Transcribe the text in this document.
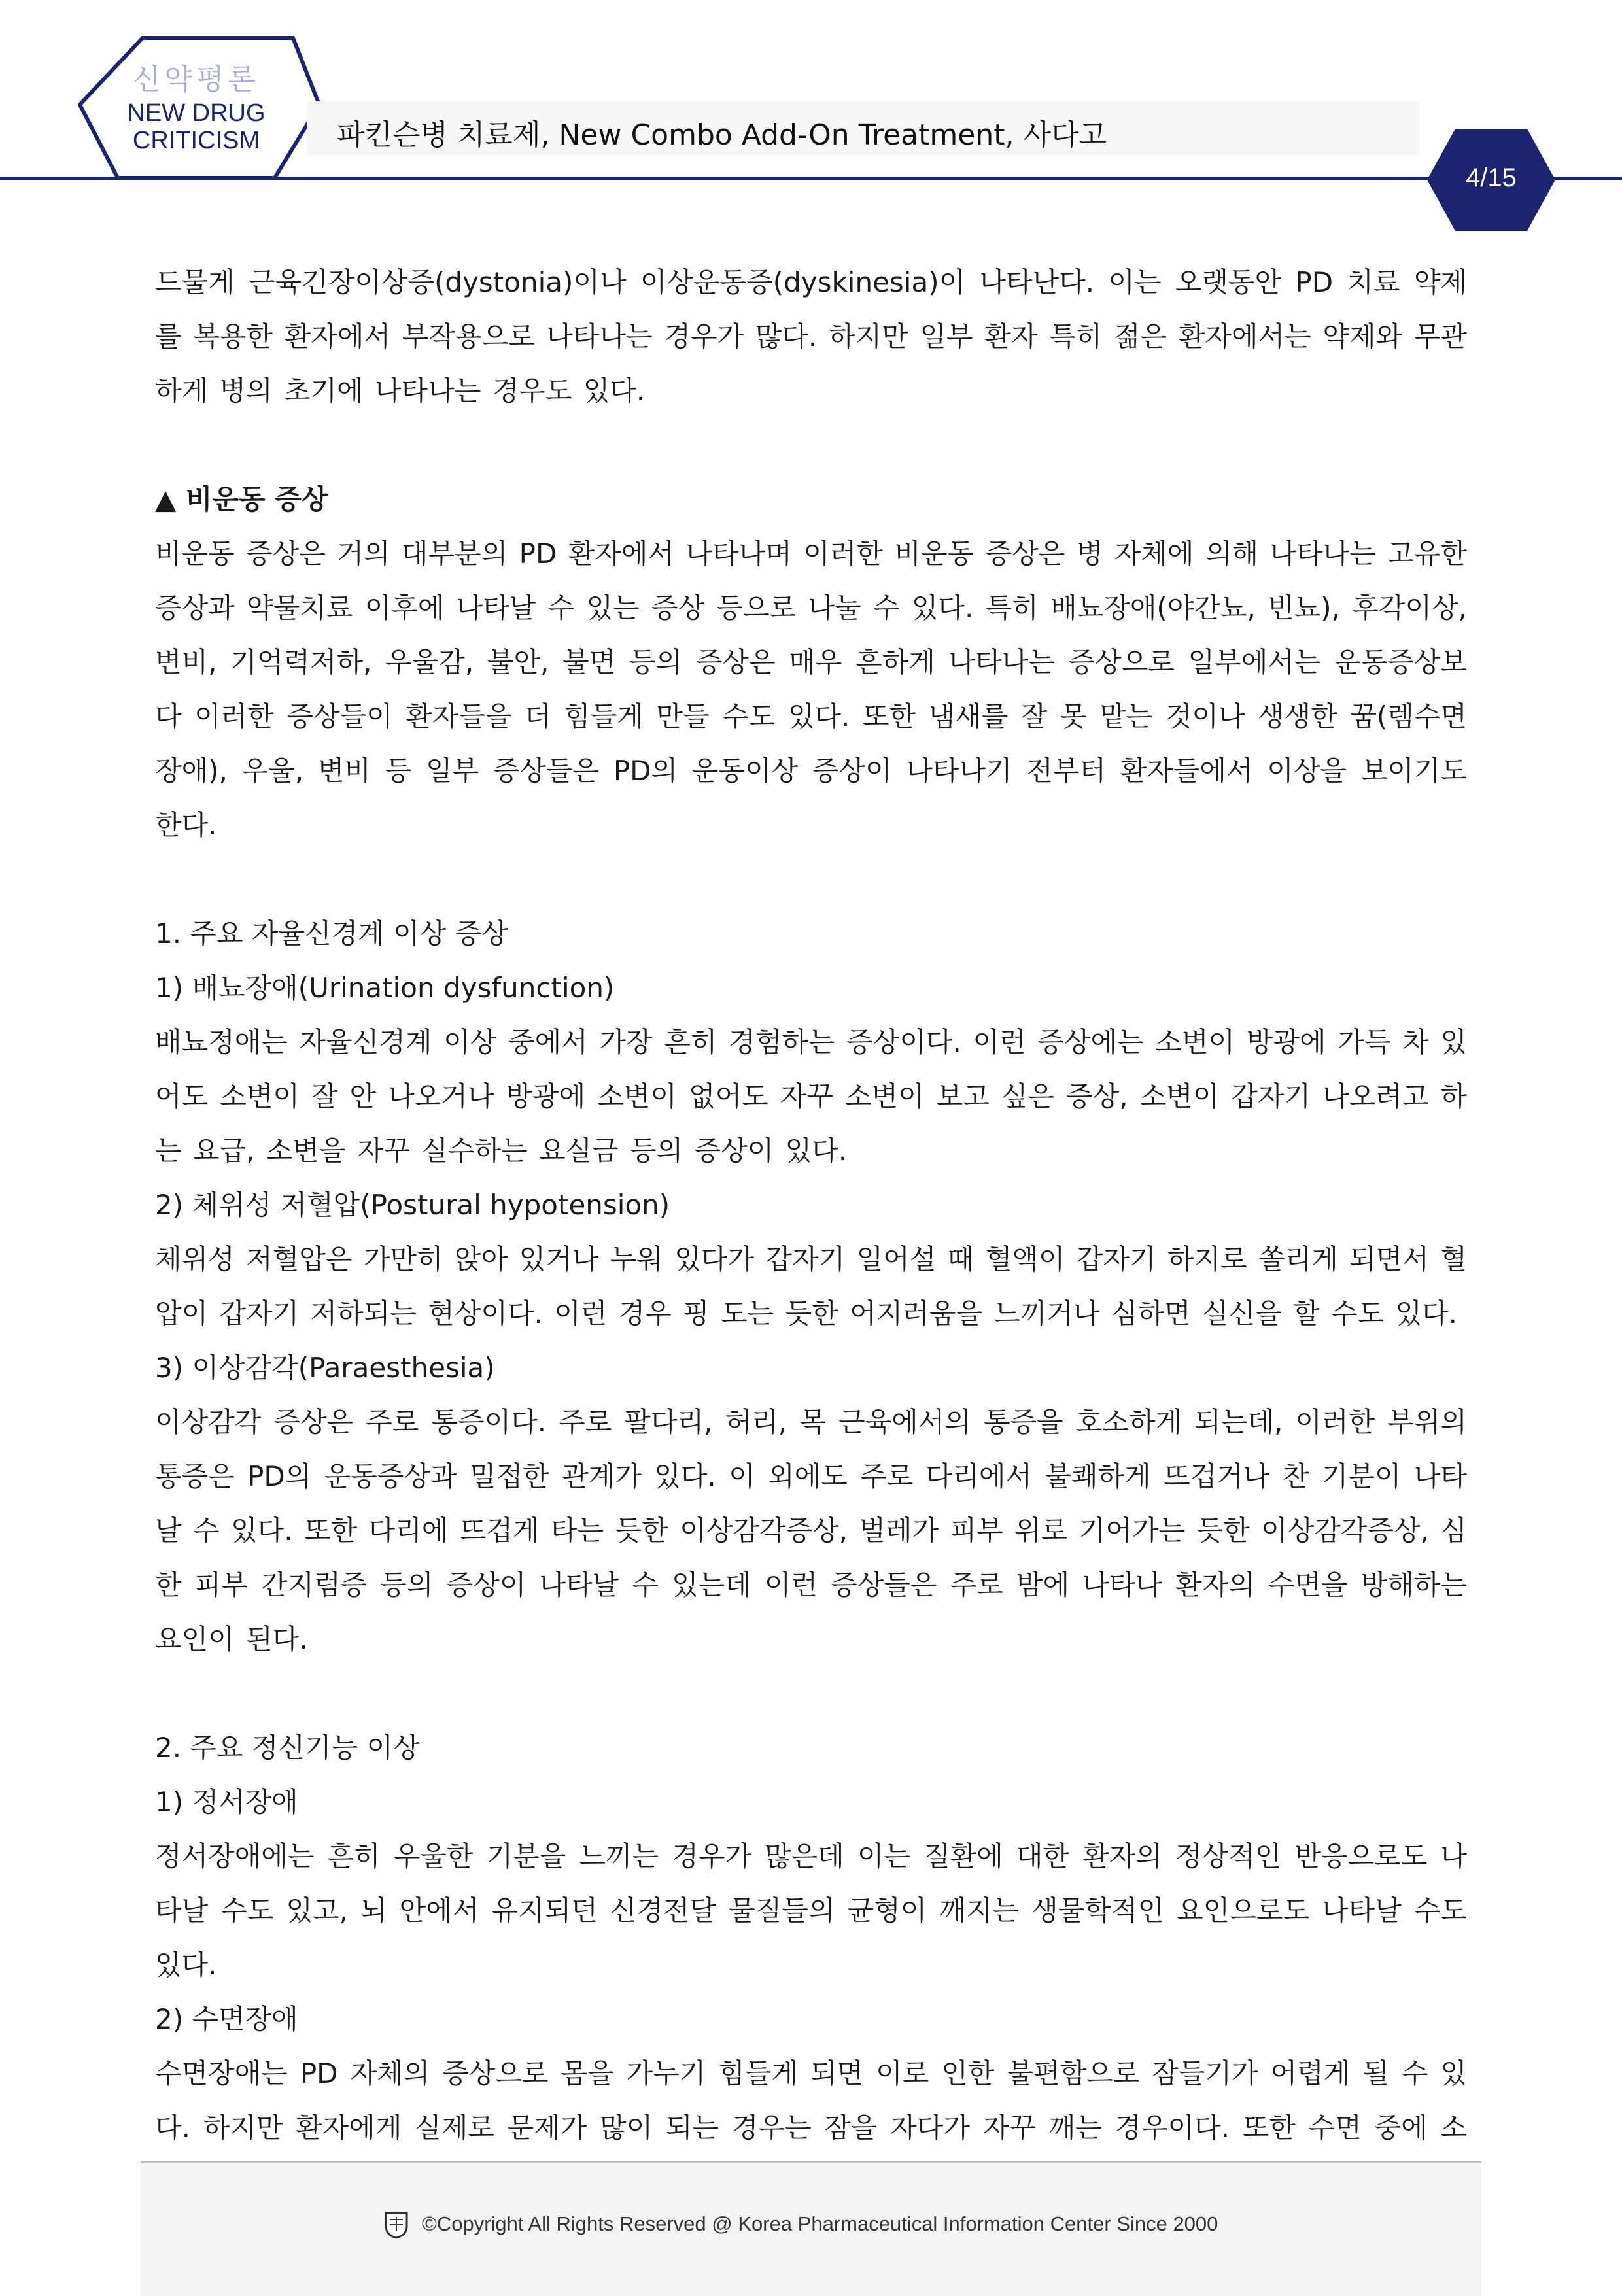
신약평론
NEW DRUG
CRITICISM	파킨슨병 치료제, New Combo Add-On Treatment, 사다고
4/15

드물게 근육긴장이상증(dystonia)이나 이상운동증(dyskinesia)이 나타난다. 이는 오랫동안 PD 치료 약제를 복용한 환자에서 부작용으로 나타나는 경우가 많다. 하지만 일부 환자 특히 젊은 환자에서는 약제와 무관하게 병의 초기에 나타나는 경우도 있다.

▲ 비운동 증상

비운동 증상은 거의 대부분의 PD 환자에서 나타나며 이러한 비운동 증상은 병 자체에 의해 나타나는 고유한 증상과 약물치료 이후에 나타날 수 있는 증상 등으로 나눌 수 있다. 특히 배뇨장애(야간뇨, 빈뇨), 후각이상, 변비, 기억력저하, 우울감, 불안, 불면 등의 증상은 매우 흔하게 나타나는 증상으로 일부에서는 운동증상보다 이러한 증상들이 환자들을 더 힘들게 만들 수도 있다. 또한 냄새를 잘 못 맡는 것이나 생생한 꿈(렘수면장애), 우울, 변비 등 일부 증상들은 PD의 운동이상 증상이 나타나기 전부터 환자들에서 이상을 보이기도 한다.

1. 주요 자율신경계 이상 증상

1) 배뇨장애(Urination dysfunction)

배뇨정애는 자율신경계 이상 중에서 가장 흔히 경험하는 증상이다. 이런 증상에는 소변이 방광에 가득 차 있어도 소변이 잘 안 나오거나 방광에 소변이 없어도 자꾸 소변이 보고 싶은 증상, 소변이 갑자기 나오려고 하는 요급, 소변을 자꾸 실수하는 요실금 등의 증상이 있다.

2) 체위성 저혈압(Postural hypotension)

체위성 저혈압은 가만히 앉아 있거나 누워 있다가 갑자기 일어설 때 혈액이 갑자기 하지로 쏠리게 되면서 혈압이 갑자기 저하되는 현상이다. 이런 경우 핑 도는 듯한 어지러움을 느끼거나 심하면 실신을 할 수도 있다.

3) 이상감각(Paraesthesia)

이상감각 증상은 주로 통증이다. 주로 팔다리, 허리, 목 근육에서의 통증을 호소하게 되는데, 이러한 부위의 통증은 PD의 운동증상과 밀접한 관계가 있다. 이 외에도 주로 다리에서 불쾌하게 뜨겁거나 찬 기분이 나타날 수 있다. 또한 다리에 뜨겁게 타는 듯한 이상감각증상, 벌레가 피부 위로 기어가는 듯한 이상감각증상, 심한 피부 간지럼증 등의 증상이 나타날 수 있는데 이런 증상들은 주로 밤에 나타나 환자의 수면을 방해하는 요인이 된다.

2. 주요 정신기능 이상

1) 정서장애

정서장애에는 흔히 우울한 기분을 느끼는 경우가 많은데 이는 질환에 대한 환자의 정상적인 반응으로도 나타날 수도 있고, 뇌 안에서 유지되던 신경전달 물질들의 균형이 깨지는 생물학적인 요인으로도 나타날 수도 있다.

2) 수면장애

수면장애는 PD 자체의 증상으로 몸을 가누기 힘들게 되면 이로 인한 불편함으로 잠들기가 어렵게 될 수 있다. 하지만 환자에게 실제로 문제가 많이 되는 경우는 잠을 자다가 자꾸 깨는 경우이다. 또한 수면 중에 소

©Copyright All Rights Reserved @ Korea Pharmaceutical Information Center Since 2000
